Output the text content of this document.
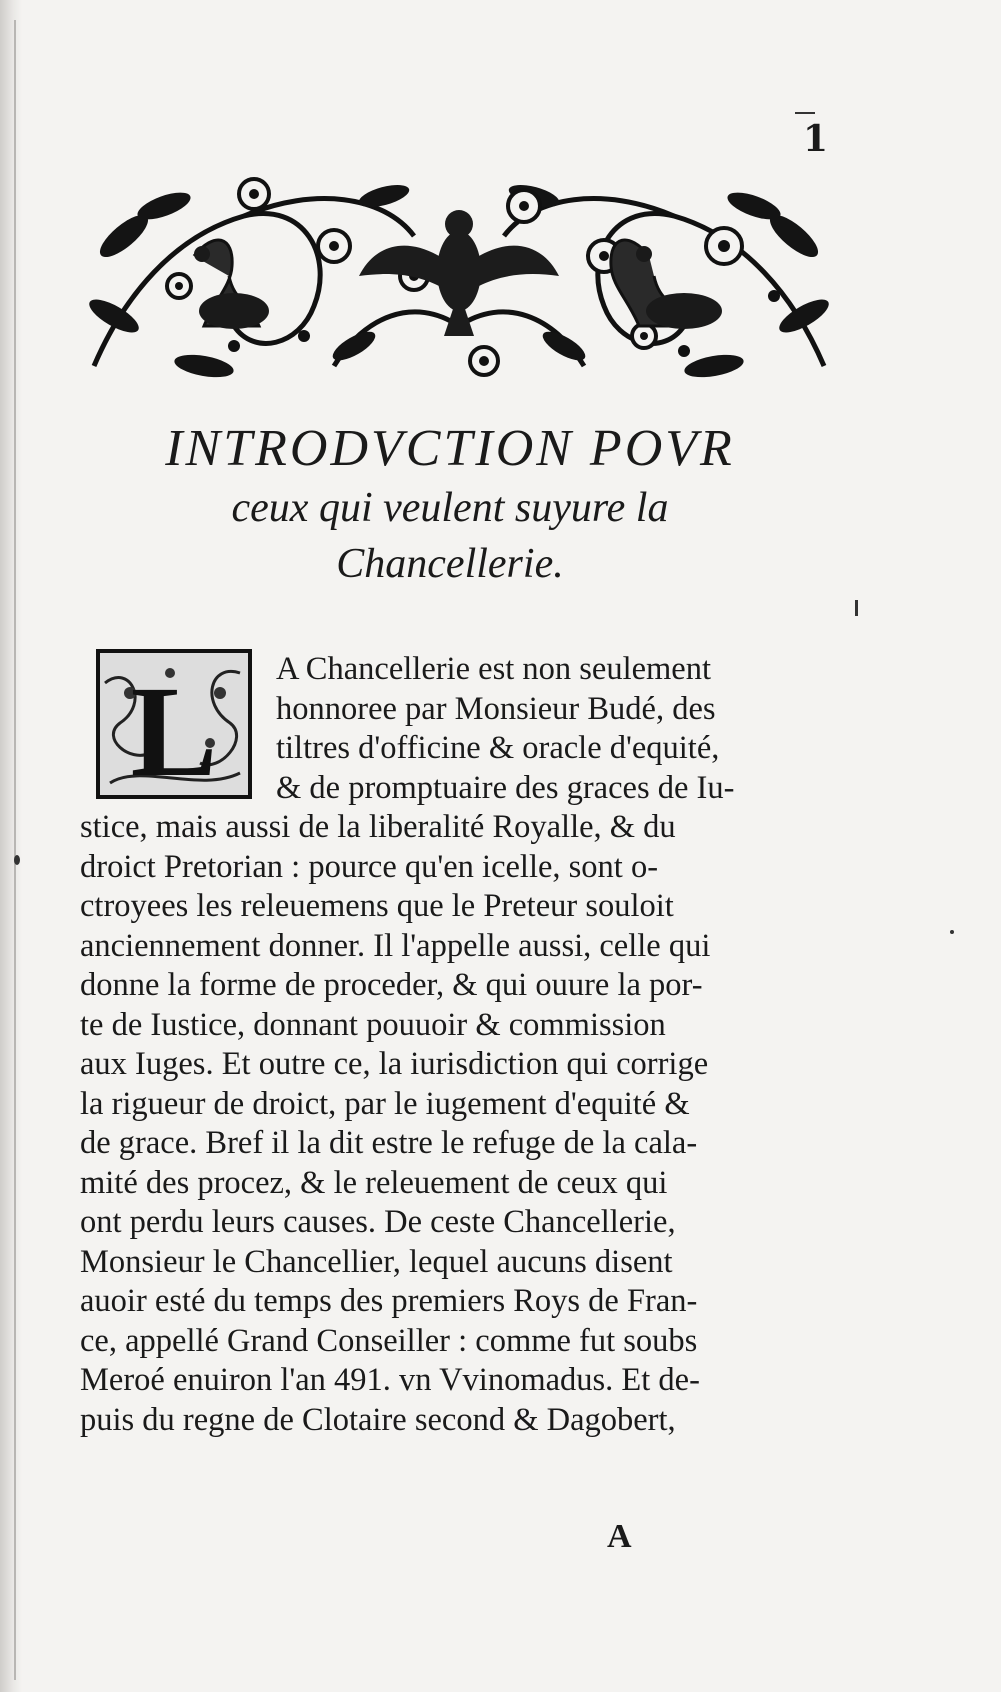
1
INTRODVCTION POVR
ceux qui veulent suyure la
Chancellerie.
L	A Chancellerie est non seulement
honnoree par Monsieur Budé, des
tiltres d'officine & oracle d'equité,
& de promptuaire des graces de Iu-
stice, mais aussi de la liberalité Royalle, & du
droict Pretorian : pource qu'en icelle, sont o-
ctroyees les releuemens que le Preteur souloit
anciennement donner. Il l'appelle aussi, celle qui
donne la forme de proceder, & qui ouure la por-
te de Iustice, donnant pouuoir & commission
aux Iuges. Et outre ce, la iurisdiction qui corrige
la rigueur de droict, par le iugement d'equité &
de grace. Bref il la dit estre le refuge de la cala-
mité des procez, & le releuement de ceux qui
ont perdu leurs causes. De ceste Chancellerie,
Monsieur le Chancellier, lequel aucuns disent
auoir esté du temps des premiers Roys de Fran-
ce, appellé Grand Conseiller : comme fut soubs
Meroé enuiron l'an 491. vn Vvinomadus. Et de-
puis du regne de Clotaire second & Dagobert,
A
